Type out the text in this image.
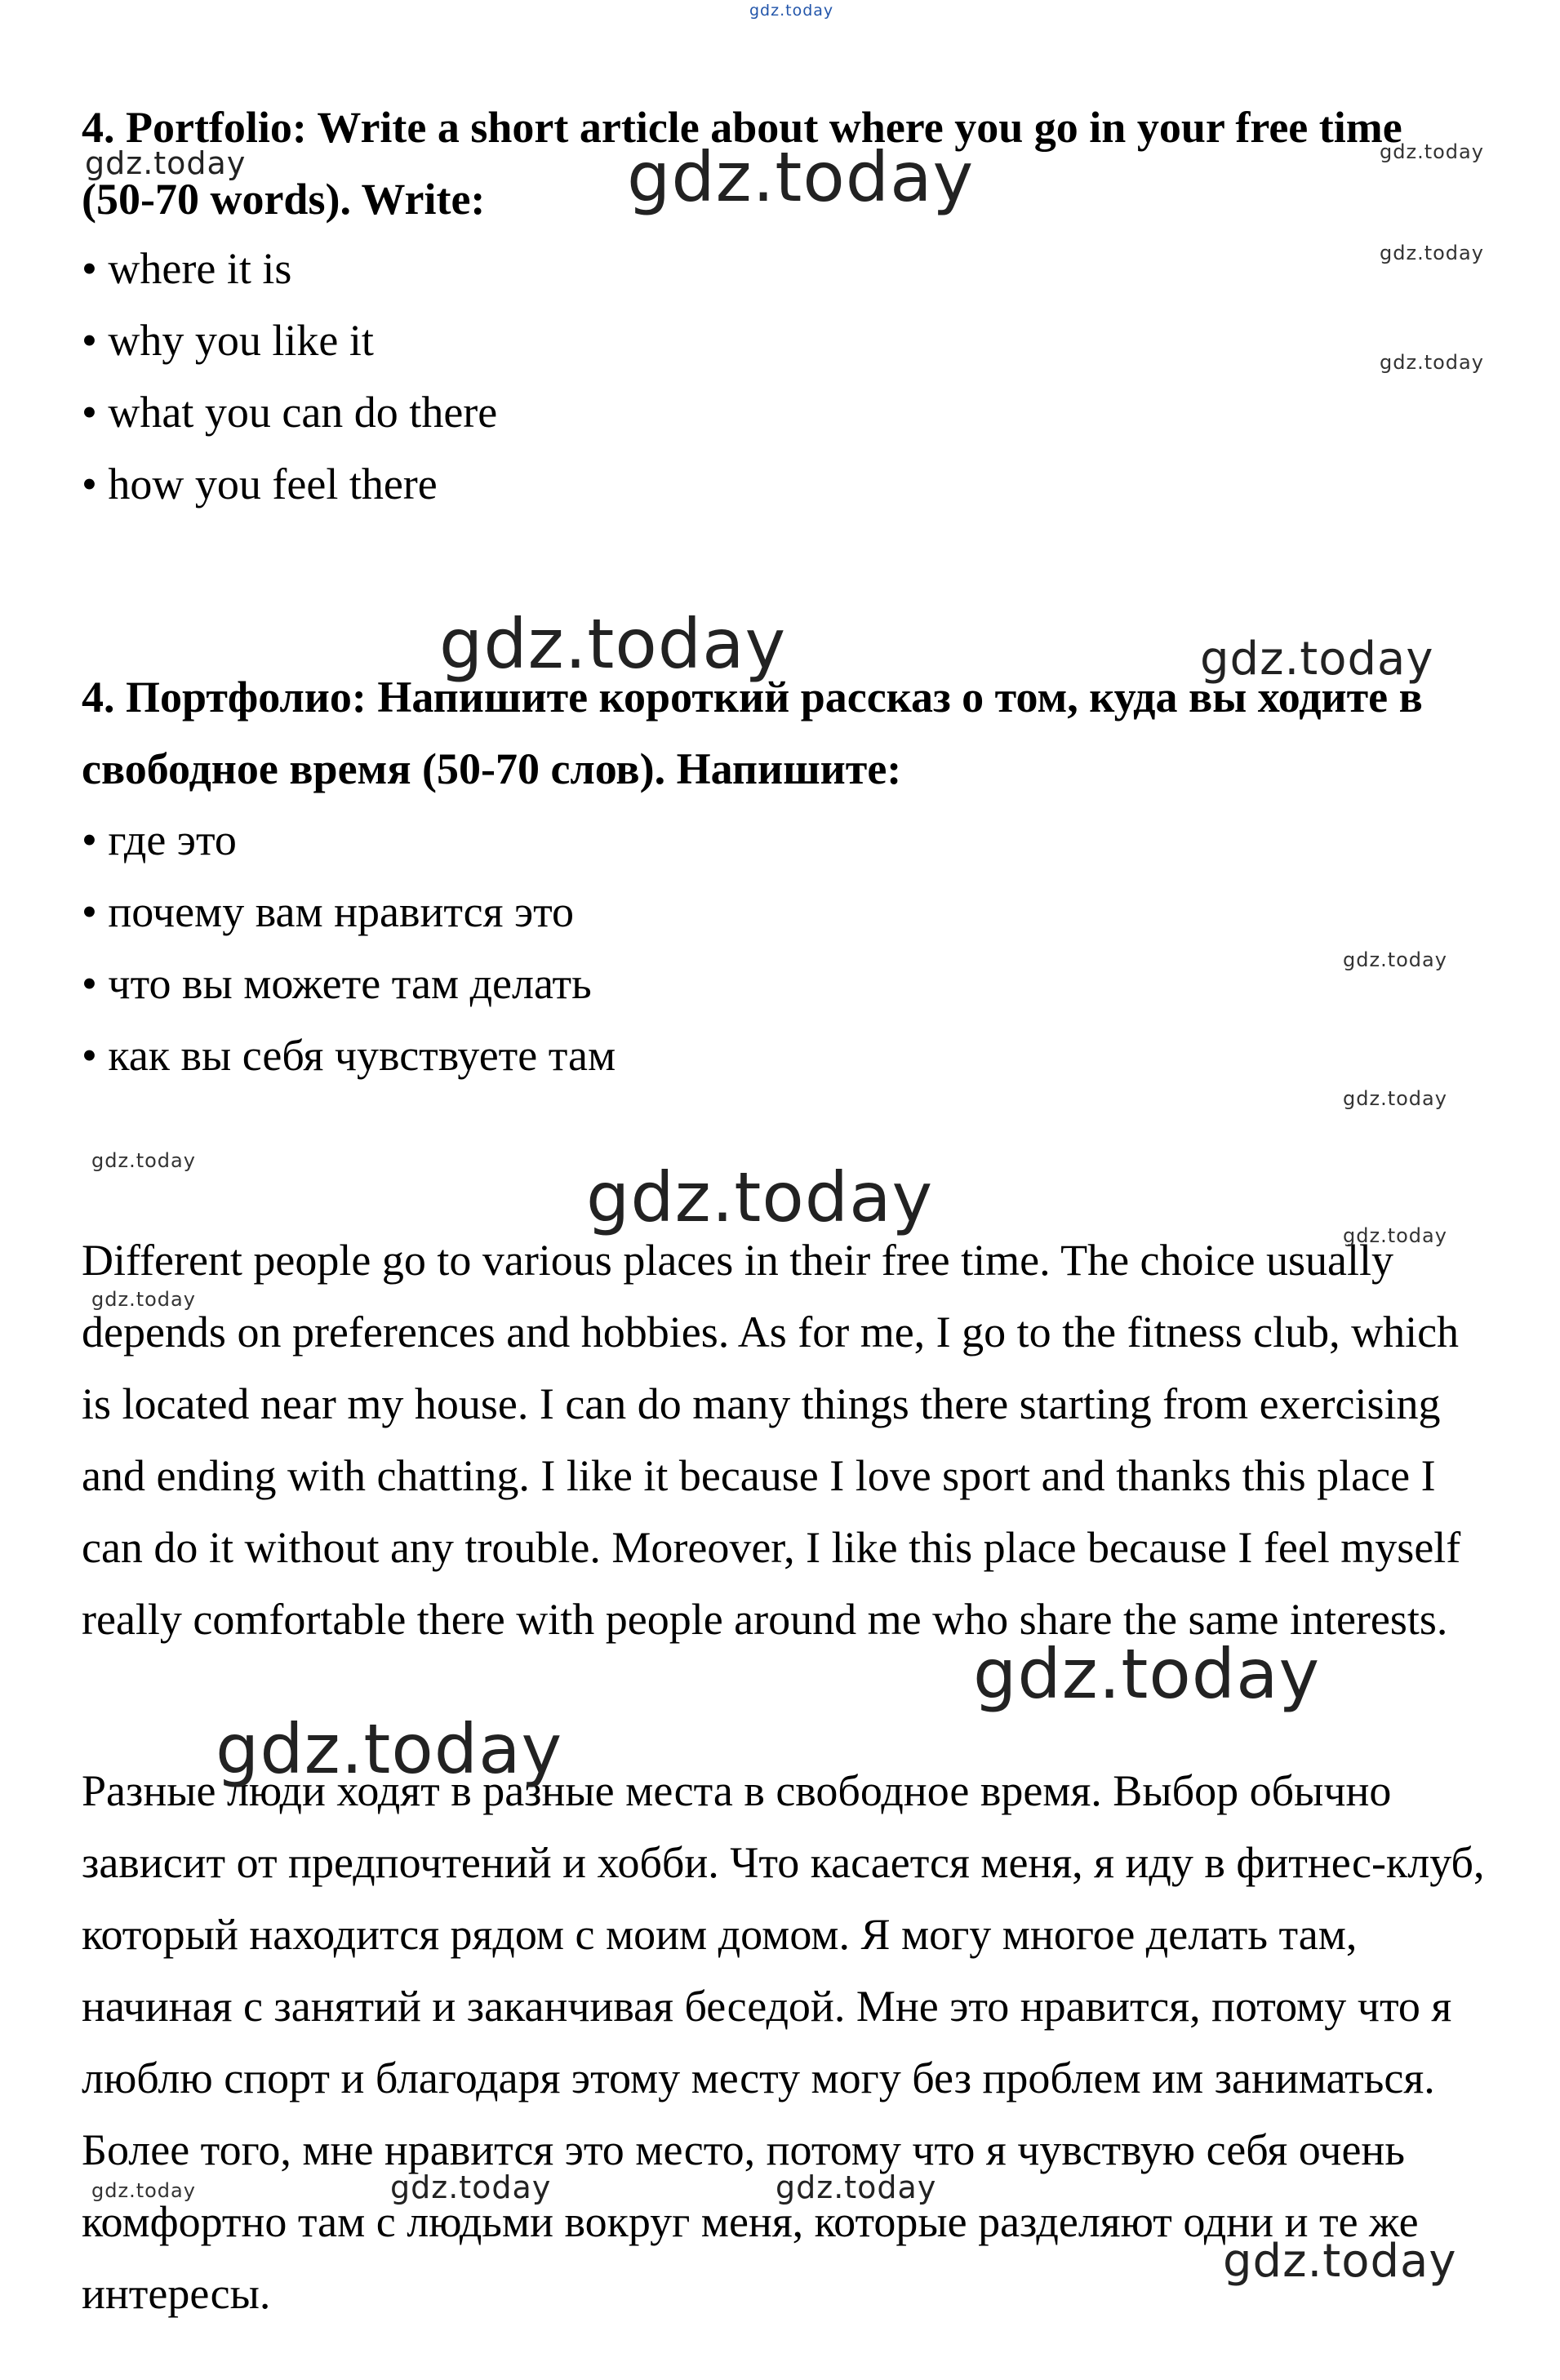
4. Portfolio: Write a short article about where you go in your free time (50-70 words). Write:
• where it is
• why you like it
• what you can do there
• how you feel there
4. Портфолио: Напишите короткий рассказ о том, куда вы ходите в свободное время (50-70 слов). Напишите:
• где это
• почему вам нравится это
• что вы можете там делать
• как вы себя чувствуете там

Different people go to various places in their free time. The choice usually depends on preferences and hobbies. As for me, I go to the fitness club, which is located near my house. I can do many things there starting from exercising and ending with chatting. I like it because I love sport and thanks this place I can do it without any trouble. Moreover, I like this place because I feel myself really comfortable there with people around me who share the same interests.

Разные люди ходят в разные места в свободное время. Выбор обычно зависит от предпочтений и хобби. Что касается меня, я иду в фитнес-клуб, который находится рядом с моим домом. Я могу многое делать там, начиная с занятий и заканчивая беседой. Мне это нравится, потому что я люблю спорт и благодаря этому месту могу без проблем им заниматься. Более того, мне нравится это место, потому что я чувствую себя очень комфортно там с людьми вокруг меня, которые разделяют одни и те же интересы.

gdz.today
gdz.today	gdz.today	gdz.today
gdz.today
gdz.today
gdz.today	gdz.today
gdz.today
gdz.today
gdz.today	gdz.today	gdz.today
gdz.today
gdz.today
gdz.today
gdz.today	gdz.today	gdz.today
gdz.today
